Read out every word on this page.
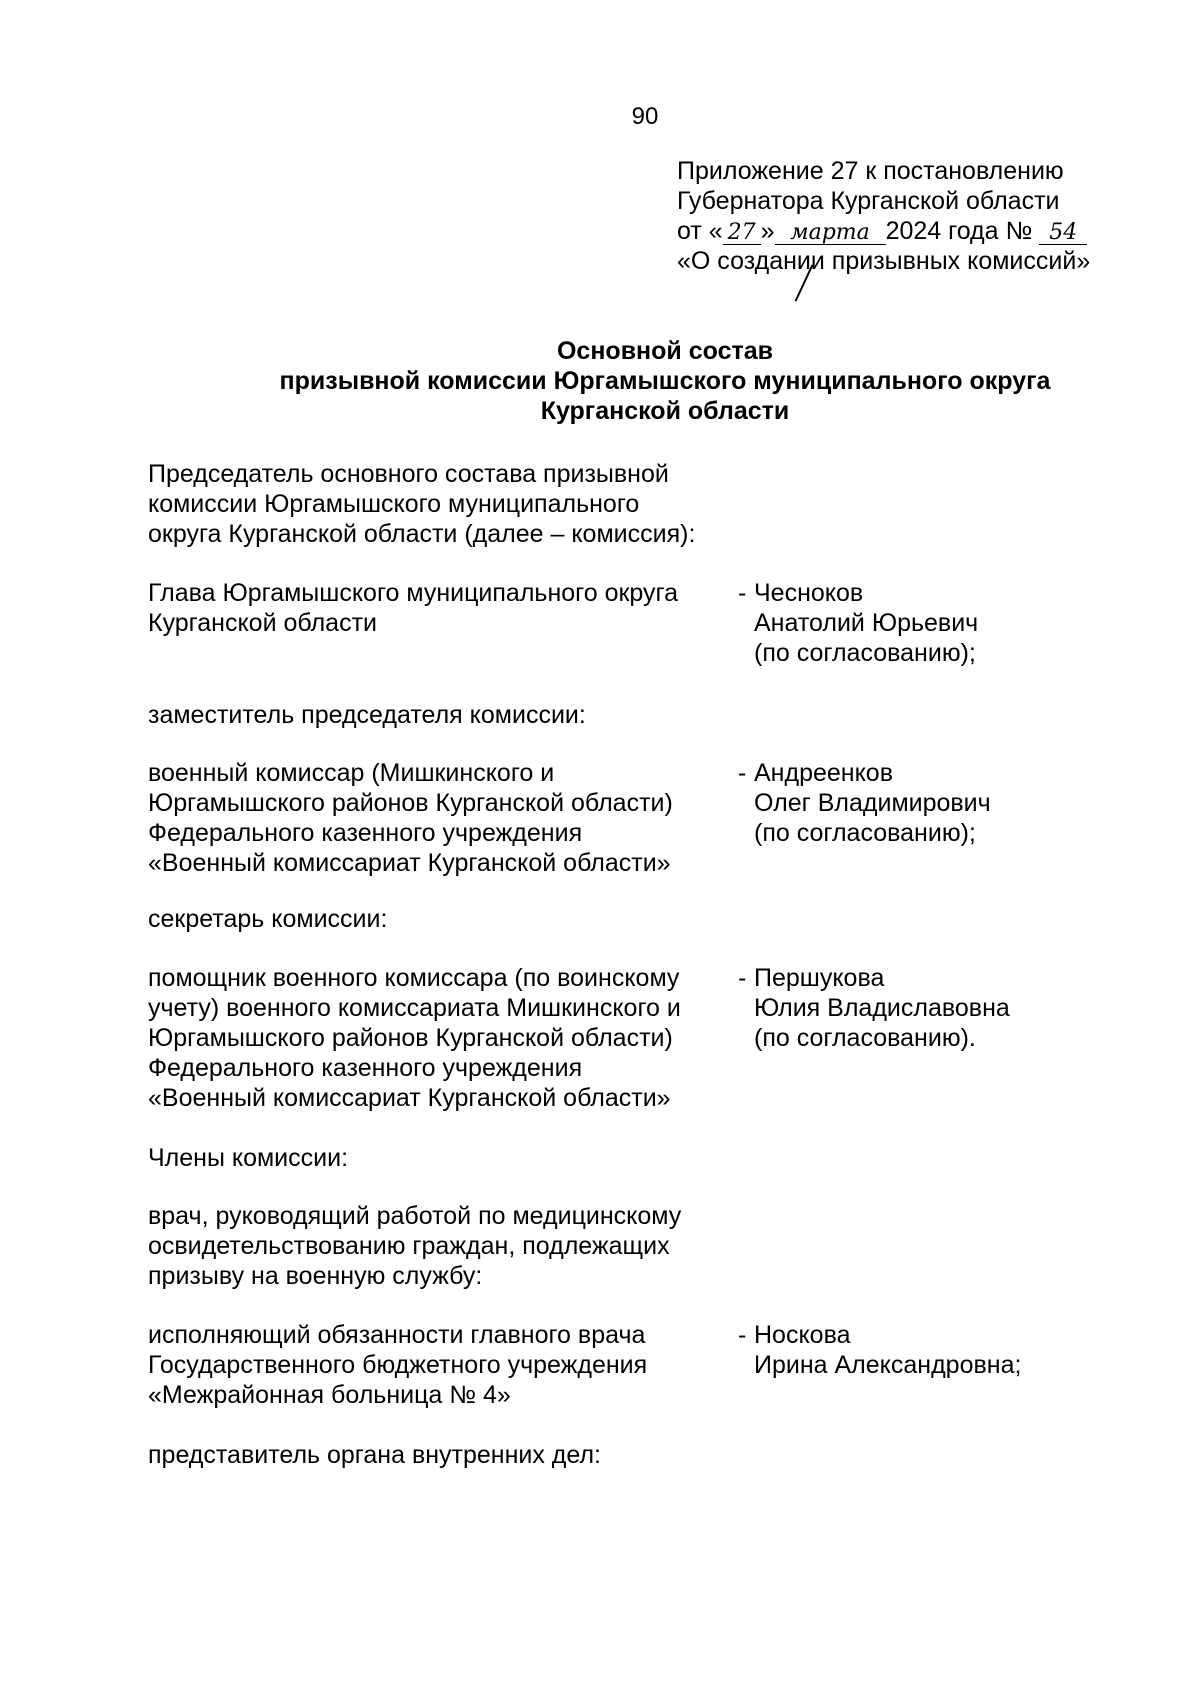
90
Приложение 27 к постановлению
Губернатора Курганской области
от « 27 » марта 2024 года № 54
«О создании призывных комиссий»
Основной состав
призывной комиссии Юргамышского муниципального округа
Курганской области
Председатель основного состава призывной
комиссии Юргамышского муниципального
округа Курганской области (далее – комиссия):
Глава Юргамышского муниципального округа
Курганской области
- Чесноков
Анатолий Юрьевич
(по согласованию);
заместитель председателя комиссии:
военный комиссар (Мишкинского и
Юргамышского районов Курганской области)
Федерального казенного учреждения
«Военный комиссариат Курганской области»
- Андреенков
Олег Владимирович
(по согласованию);
секретарь комиссии:
помощник военного комиссара (по воинскому
учету) военного комиссариата Мишкинского и
Юргамышского районов Курганской области)
Федерального казенного учреждения
«Военный комиссариат Курганской области»
- Першукова
Юлия Владиславовна
(по согласованию).
Члены комиссии:
врач, руководящий работой по медицинскому
освидетельствованию граждан, подлежащих
призыву на военную службу:
исполняющий обязанности главного врача
Государственного бюджетного учреждения
«Межрайонная больница № 4»
- Носкова
Ирина Александровна;
представитель органа внутренних дел:
